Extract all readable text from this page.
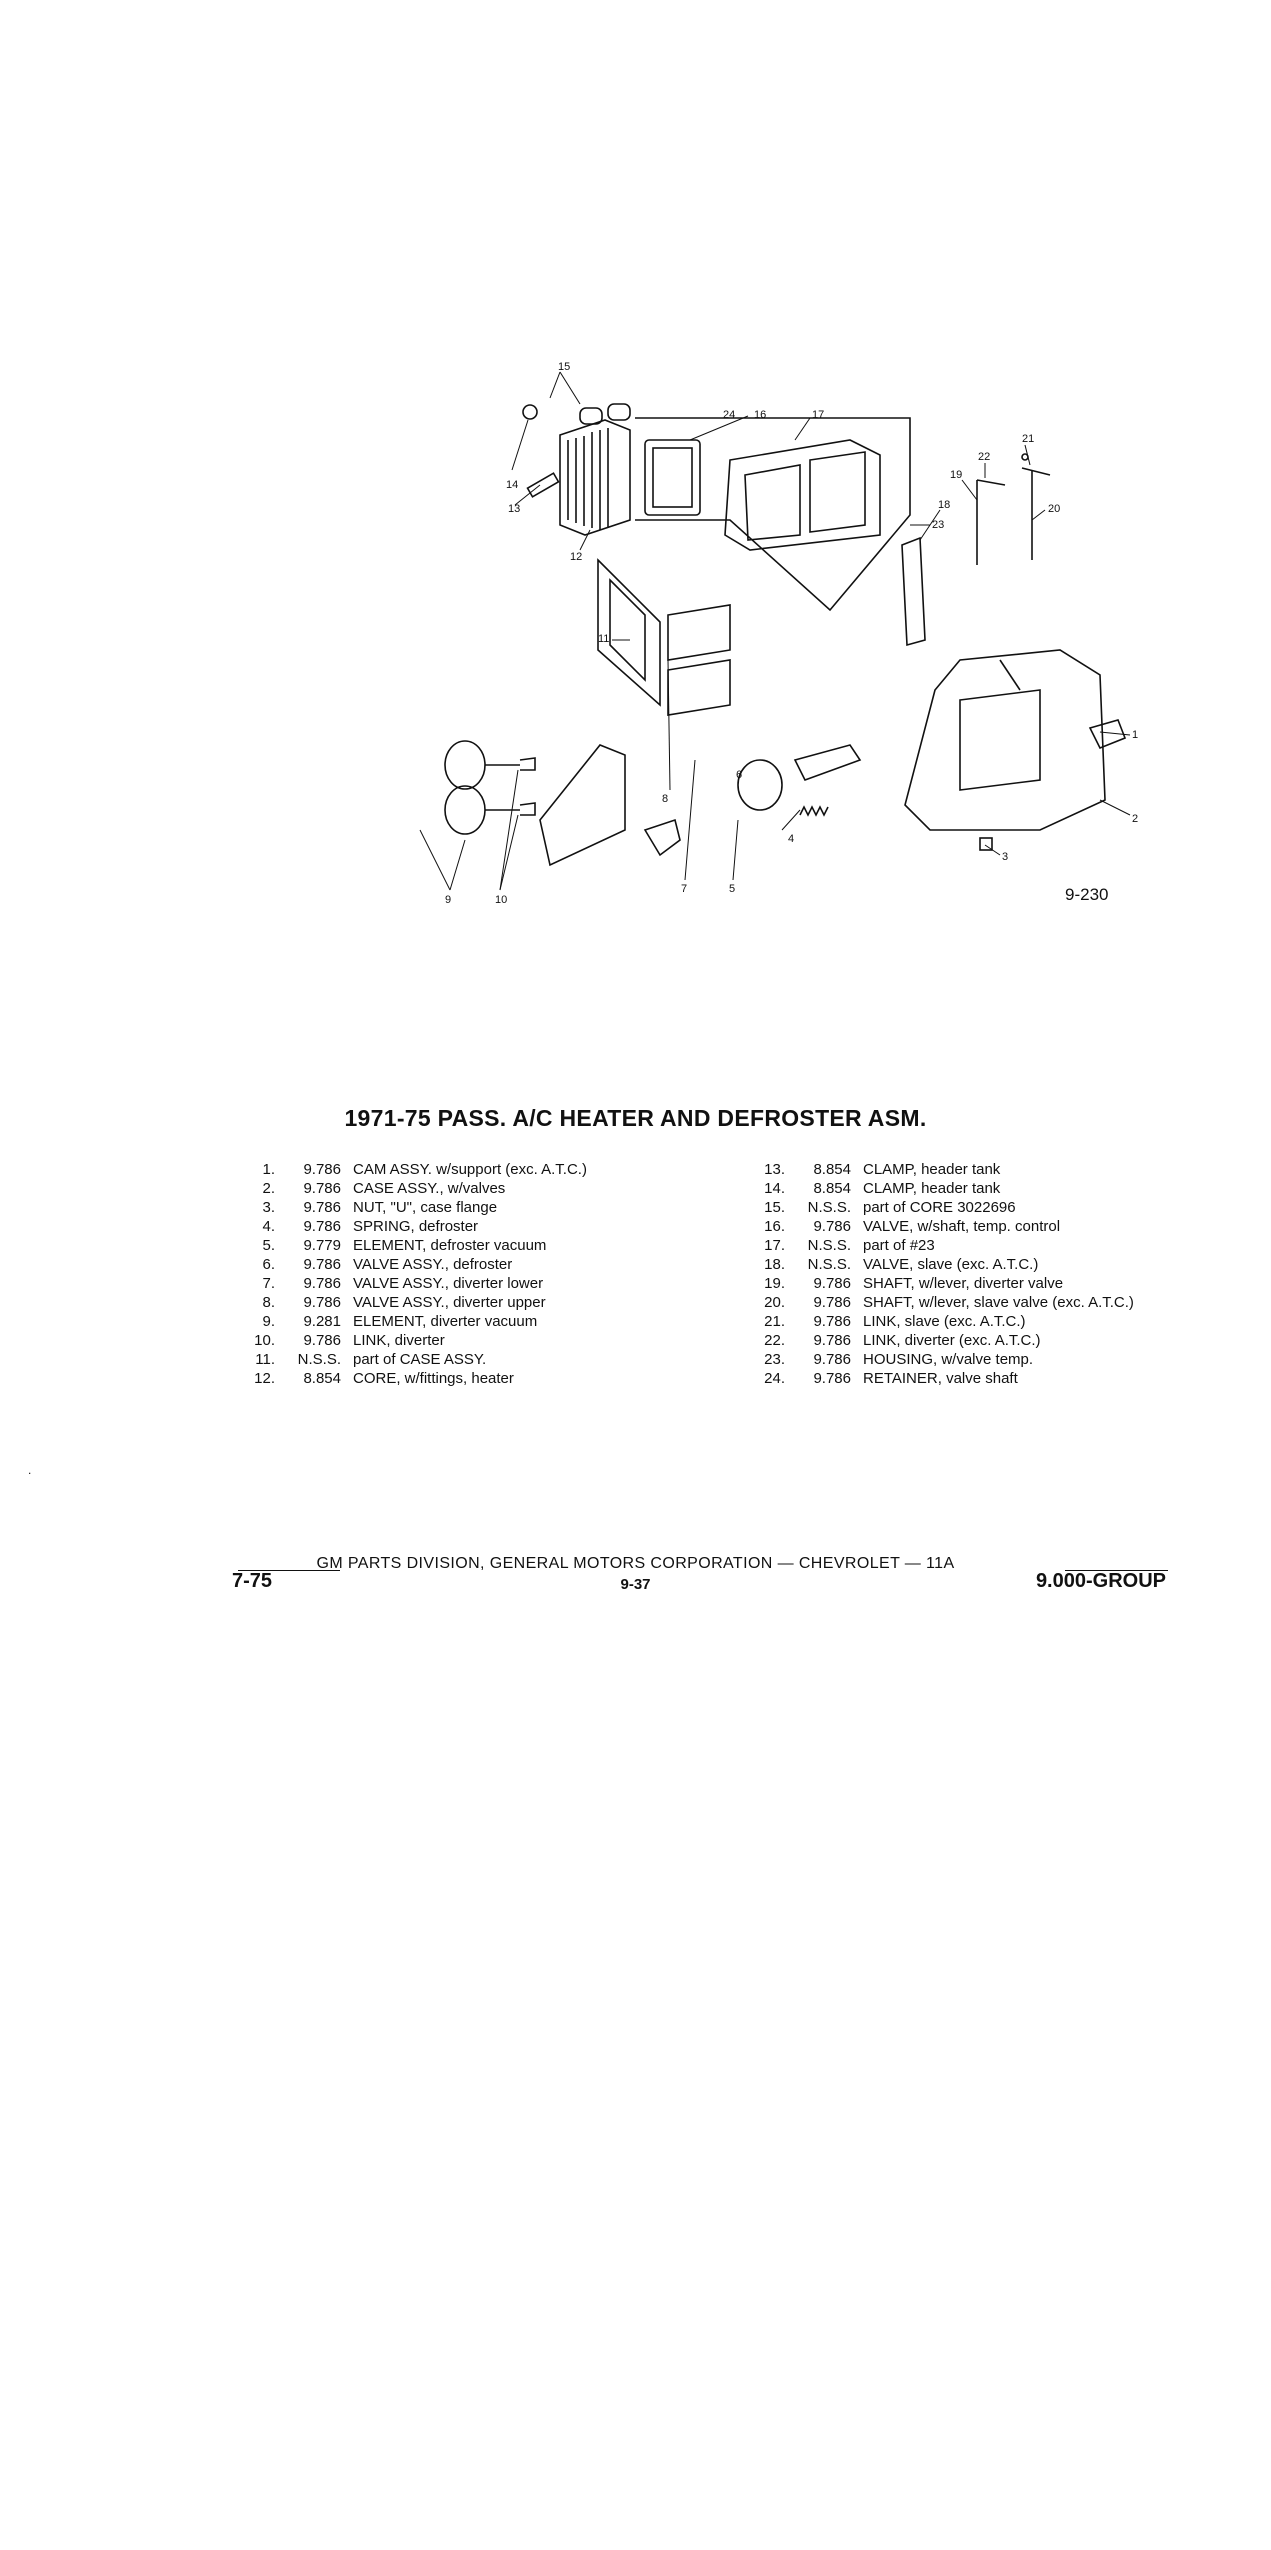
15
24 16	17
14
23
22
21
20
19
18
13
12
11
1
2
3
8
6
4
7	5
9	10	9-230
1971-75 PASS. A/C HEATER AND DEFROSTER ASM.
1.	9.786 CAM ASSY. w/support (exc. A.T.C.)
2.	9.786 CASE ASSY., w/valves
3.	9.786 NUT, "U", case flange
4.	9.786 SPRING, defroster
5.	9.779 ELEMENT, defroster vacuum
6.	9.786 VALVE ASSY., defroster
7.	9.786 VALVE ASSY., diverter lower
8.	9.786 VALVE ASSY., diverter upper
9.	9.281 ELEMENT, diverter vacuum
10.	9.786 LINK, diverter
11.	N.S.S. part of CASE ASSY.
12.	8.854 CORE, w/fittings, heater
13.	8.854 CLAMP, header tank
14.	8.854 CLAMP, header tank
15.	N.S.S. part of CORE 3022696
16.	9.786 VALVE, w/shaft, temp. control
17.	N.S.S. part of #23
18.	N.S.S. VALVE, slave (exc. A.T.C.)
19.	9.786 SHAFT, w/lever, diverter valve
20.	9.786 SHAFT, w/lever, slave valve (exc. A.T.C.)
21.	9.786 LINK, slave (exc. A.T.C.)
22.	9.786 LINK, diverter (exc. A.T.C.)
23.	9.786 HOUSING, w/valve temp.
24.	9.786 RETAINER, valve shaft
GM PARTS DIVISION, GENERAL MOTORS CORPORATION — CHEVROLET — 11A
9-37
7-75	9.000-GROUP
.
